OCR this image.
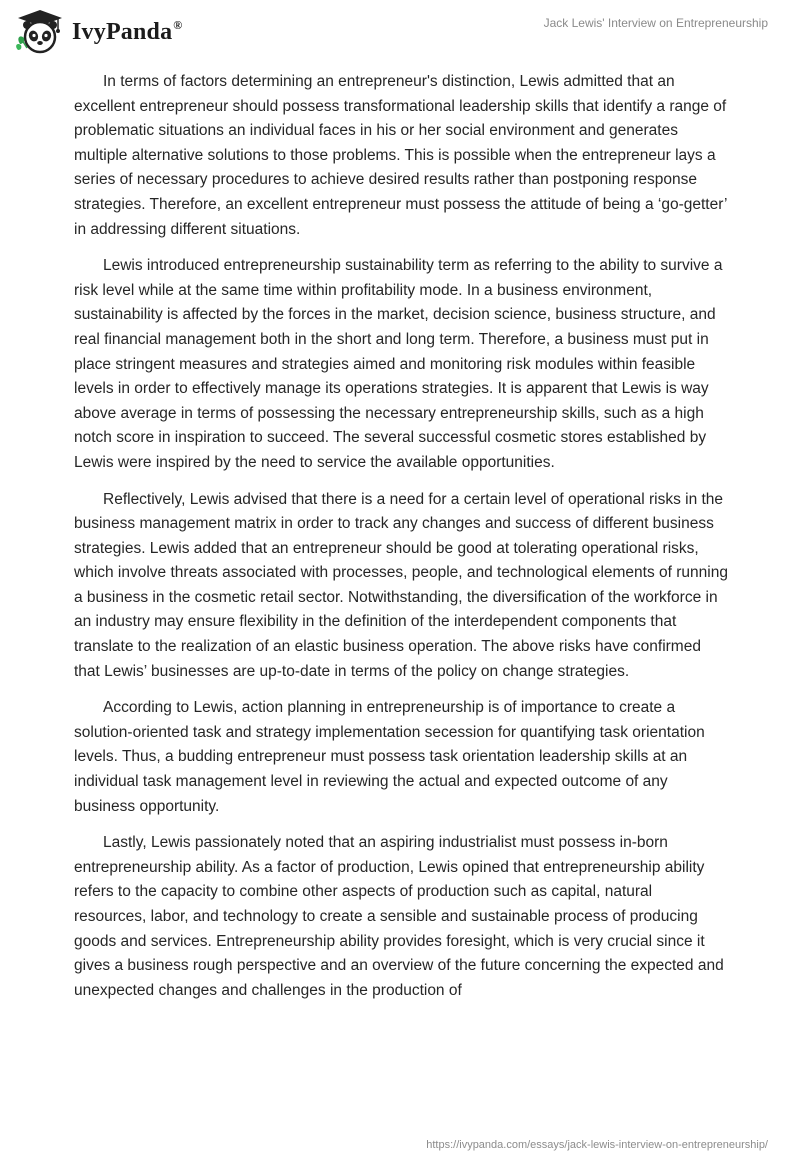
IvyPanda®	Jack Lewis' Interview on Entrepreneurship

In terms of factors determining an entrepreneur's distinction, Lewis admitted that an excellent entrepreneur should possess transformational leadership skills that identify a range of problematic situations an individual faces in his or her social environment and generates multiple alternative solutions to those problems. This is possible when the entrepreneur lays a series of necessary procedures to achieve desired results rather than postponing response strategies. Therefore, an excellent entrepreneur must possess the attitude of being a ‘go-getter’ in addressing different situations.

Lewis introduced entrepreneurship sustainability term as referring to the ability to survive a risk level while at the same time within profitability mode. In a business environment, sustainability is affected by the forces in the market, decision science, business structure, and real financial management both in the short and long term. Therefore, a business must put in place stringent measures and strategies aimed and monitoring risk modules within feasible levels in order to effectively manage its operations strategies. It is apparent that Lewis is way above average in terms of possessing the necessary entrepreneurship skills, such as a high notch score in inspiration to succeed. The several successful cosmetic stores established by Lewis were inspired by the need to service the available opportunities.

Reflectively, Lewis advised that there is a need for a certain level of operational risks in the business management matrix in order to track any changes and success of different business strategies. Lewis added that an entrepreneur should be good at tolerating operational risks, which involve threats associated with processes, people, and technological elements of running a business in the cosmetic retail sector. Notwithstanding, the diversification of the workforce in an industry may ensure flexibility in the definition of the interdependent components that translate to the realization of an elastic business operation. The above risks have confirmed that Lewis’ businesses are up-to-date in terms of the policy on change strategies.

According to Lewis, action planning in entrepreneurship is of importance to create a solution-oriented task and strategy implementation secession for quantifying task orientation levels. Thus, a budding entrepreneur must possess task orientation leadership skills at an individual task management level in reviewing the actual and expected outcome of any business opportunity.

Lastly, Lewis passionately noted that an aspiring industrialist must possess in-born entrepreneurship ability. As a factor of production, Lewis opined that entrepreneurship ability refers to the capacity to combine other aspects of production such as capital, natural resources, labor, and technology to create a sensible and sustainable process of producing goods and services. Entrepreneurship ability provides foresight, which is very crucial since it gives a business rough perspective and an overview of the future concerning the expected and unexpected changes and challenges in the production of

https://ivypanda.com/essays/jack-lewis-interview-on-entrepreneurship/
